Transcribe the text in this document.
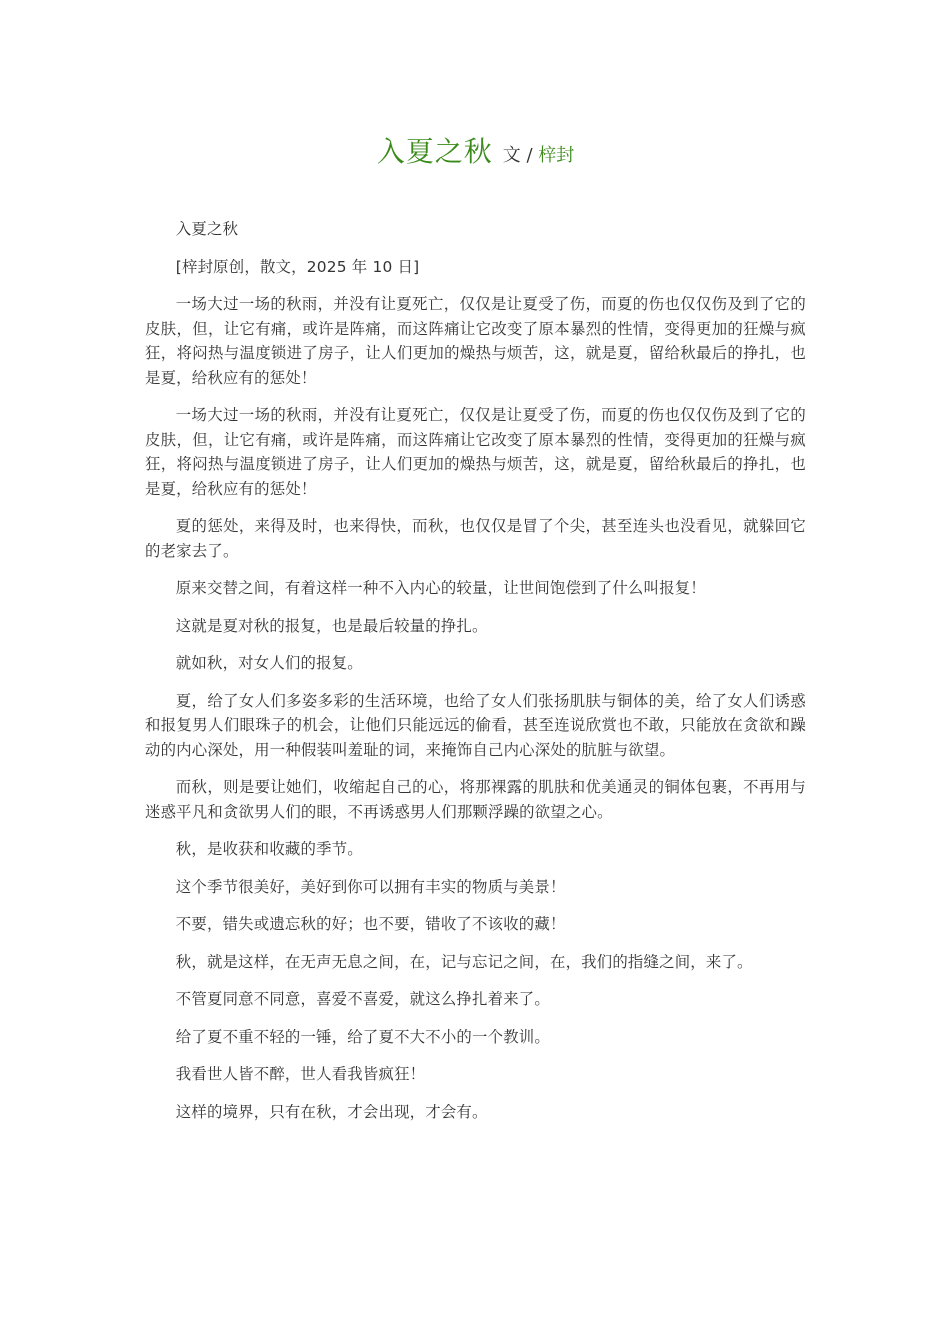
入夏之秋 文 / 梓封

入夏之秋

[梓封原创，散文，2025 年 10 日]

一场大过一场的秋雨，并没有让夏死亡，仅仅是让夏受了伤，而夏的伤也仅仅伤及到了它的皮肤，但，让它有痛，或许是阵痛，而这阵痛让它改变了原本暴烈的性情，变得更加的狂燥与疯狂，将闷热与温度锁进了房子，让人们更加的燥热与烦苦，这，就是夏，留给秋最后的挣扎，也是夏，给秋应有的惩处！

一场大过一场的秋雨，并没有让夏死亡，仅仅是让夏受了伤，而夏的伤也仅仅伤及到了它的皮肤，但，让它有痛，或许是阵痛，而这阵痛让它改变了原本暴烈的性情，变得更加的狂燥与疯狂，将闷热与温度锁进了房子，让人们更加的燥热与烦苦，这，就是夏，留给秋最后的挣扎，也是夏，给秋应有的惩处！

夏的惩处，来得及时，也来得快，而秋，也仅仅是冒了个尖，甚至连头也没看见，就躲回它的老家去了。

原来交替之间，有着这样一种不入内心的较量，让世间饱偿到了什么叫报复！

这就是夏对秋的报复，也是最后较量的挣扎。

就如秋，对女人们的报复。

夏，给了女人们多姿多彩的生活环境，也给了女人们张扬肌肤与铜体的美，给了女人们诱惑和报复男人们眼珠子的机会，让他们只能远远的偷看，甚至连说欣赏也不敢，只能放在贪欲和躁动的内心深处，用一种假装叫羞耻的词，来掩饰自己内心深处的肮脏与欲望。

而秋，则是要让她们，收缩起自己的心，将那裸露的肌肤和优美通灵的铜体包裹，不再用与迷惑平凡和贪欲男人们的眼，不再诱惑男人们那颗浮躁的欲望之心。

秋，是收获和收藏的季节。

这个季节很美好，美好到你可以拥有丰实的物质与美景！

不要，错失或遗忘秋的好；也不要，错收了不该收的藏！

秋，就是这样，在无声无息之间，在，记与忘记之间，在，我们的指缝之间，来了。

不管夏同意不同意，喜爱不喜爱，就这么挣扎着来了。

给了夏不重不轻的一锤，给了夏不大不小的一个教训。

我看世人皆不醉，世人看我皆疯狂！

这样的境界，只有在秋，才会出现，才会有。
